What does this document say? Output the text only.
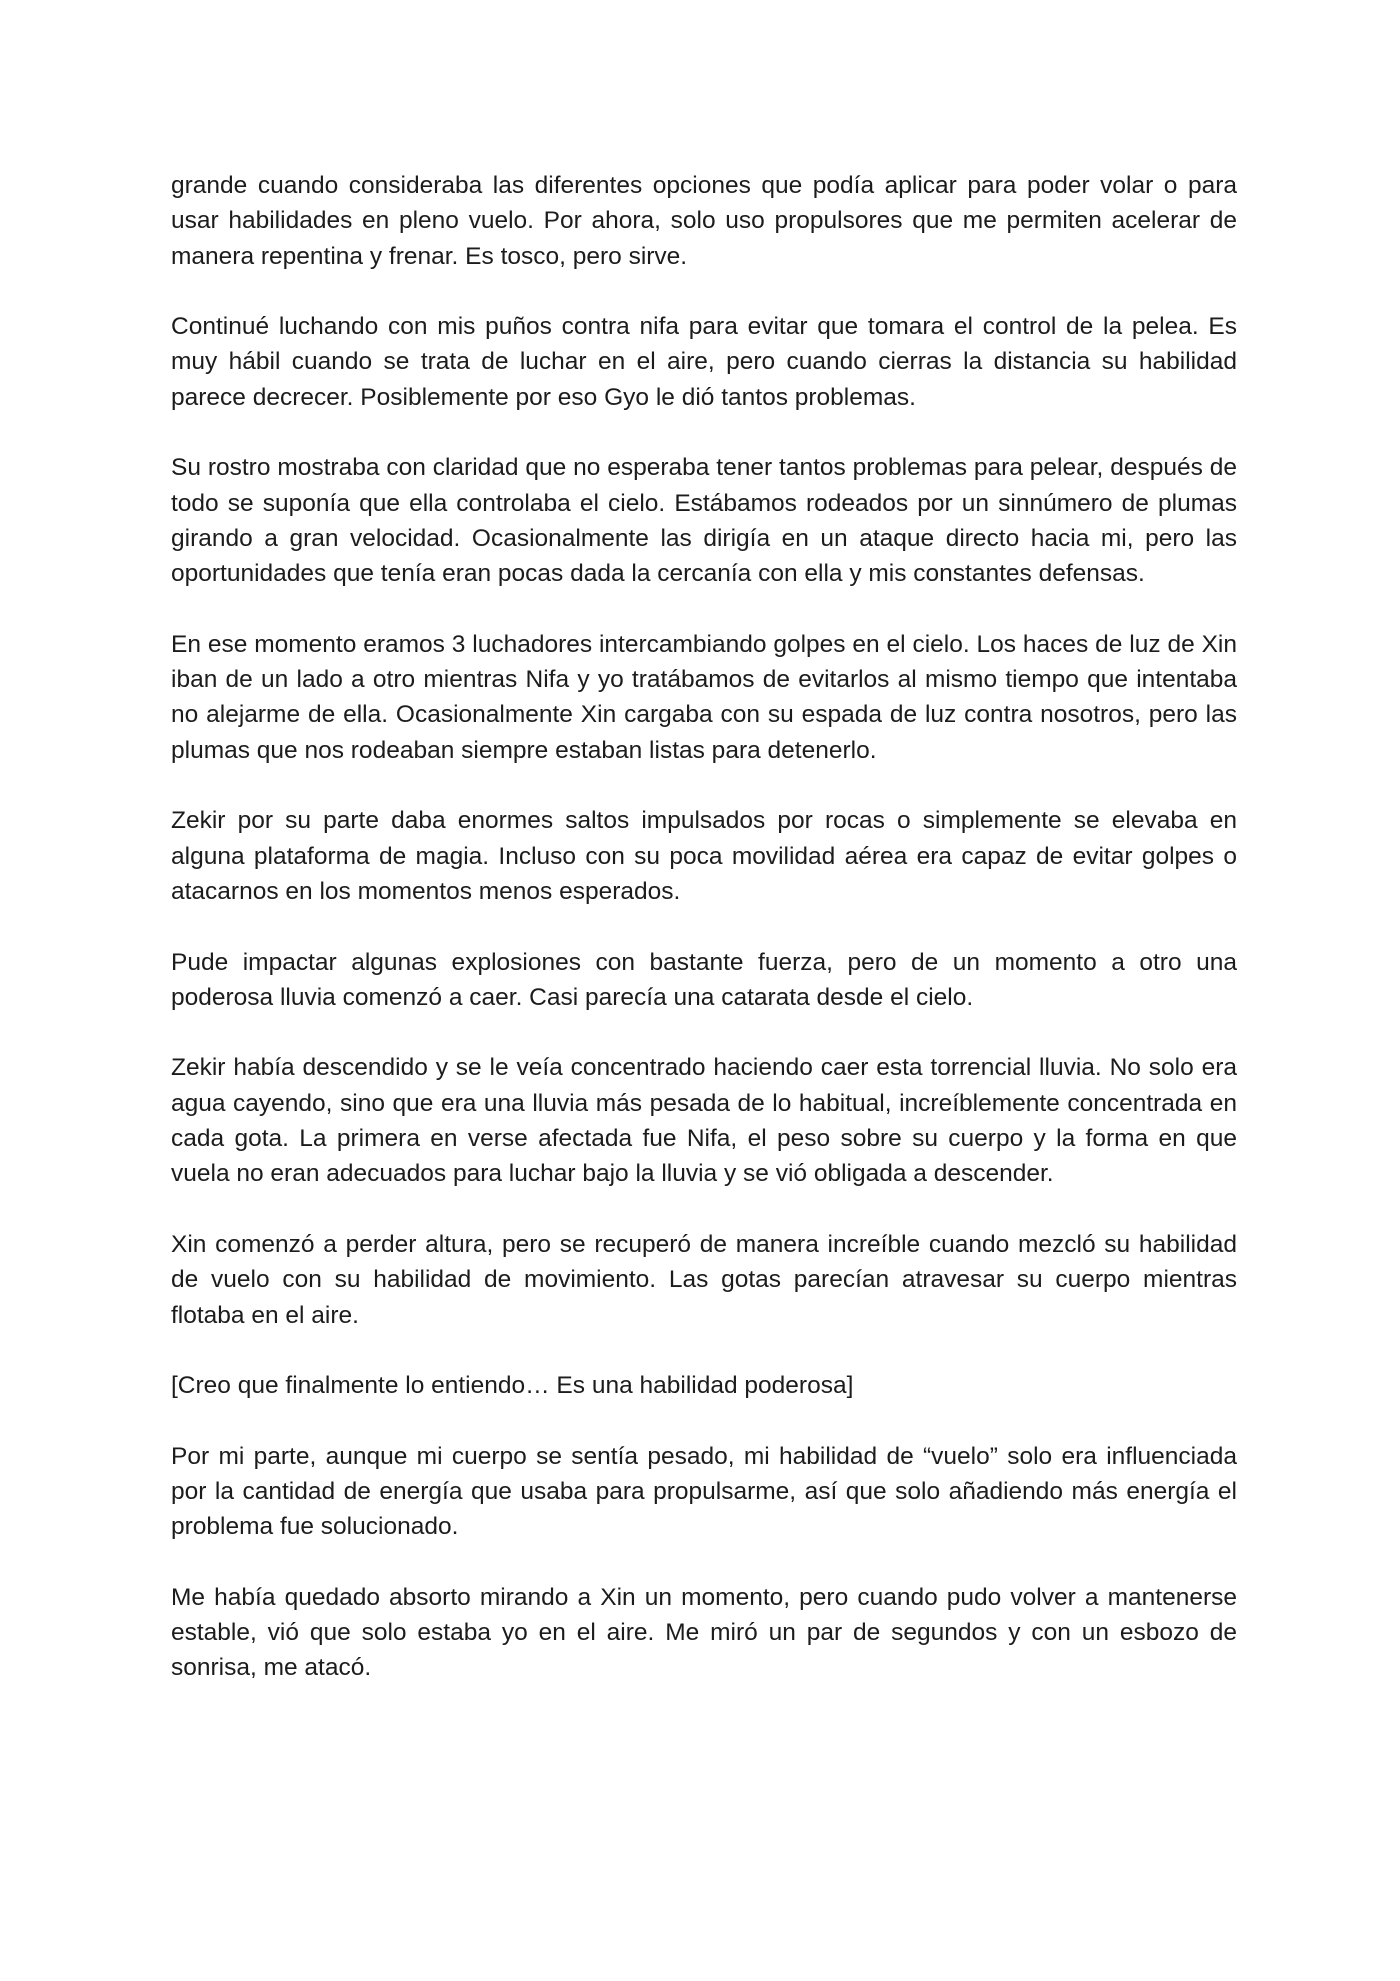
grande cuando consideraba las diferentes opciones que podía aplicar para poder volar o para usar habilidades en pleno vuelo. Por ahora, solo uso propulsores que me permiten acelerar de manera repentina y frenar. Es tosco, pero sirve.

Continué luchando con mis puños contra nifa para evitar que tomara el control de la pelea. Es muy hábil cuando se trata de luchar en el aire, pero cuando cierras la distancia su habilidad parece decrecer. Posiblemente por eso Gyo le dió tantos problemas.

Su rostro mostraba con claridad que no esperaba tener tantos problemas para pelear, después de todo se suponía que ella controlaba el cielo. Estábamos rodeados por un sinnúmero de plumas girando a gran velocidad. Ocasionalmente las dirigía en un ataque directo hacia mi, pero las oportunidades que tenía eran pocas dada la cercanía con ella y mis constantes defensas.

En ese momento eramos 3 luchadores intercambiando golpes en el cielo. Los haces de luz de Xin iban de un lado a otro mientras Nifa y yo tratábamos de evitarlos al mismo tiempo que intentaba no alejarme de ella. Ocasionalmente Xin cargaba con su espada de luz contra nosotros, pero las plumas que nos rodeaban siempre estaban listas para detenerlo.

Zekir por su parte daba enormes saltos impulsados por rocas o simplemente se elevaba en alguna plataforma de magia. Incluso con su poca movilidad aérea era capaz de evitar golpes o atacarnos en los momentos menos esperados.

Pude impactar algunas explosiones con bastante fuerza, pero de un momento a otro una poderosa lluvia comenzó a caer. Casi parecía una catarata desde el cielo.

Zekir había descendido y se le veía concentrado haciendo caer esta torrencial lluvia. No solo era agua cayendo, sino que era una lluvia más pesada de lo habitual, increíblemente concentrada en cada gota. La primera en verse afectada fue Nifa, el peso sobre su cuerpo y la forma en que vuela no eran adecuados para luchar bajo la lluvia y se vió obligada a descender.

Xin comenzó a perder altura, pero se recuperó de manera increíble cuando mezcló su habilidad de vuelo con su habilidad de movimiento. Las gotas parecían atravesar su cuerpo mientras flotaba en el aire.

[Creo que finalmente lo entiendo… Es una habilidad poderosa]

Por mi parte, aunque mi cuerpo se sentía pesado, mi habilidad de “vuelo” solo era influenciada por la cantidad de energía que usaba para propulsarme, así que solo añadiendo más energía el problema fue solucionado.

Me había quedado absorto mirando a Xin un momento, pero cuando pudo volver a mantenerse estable, vió que solo estaba yo en el aire. Me miró un par de segundos y con un esbozo de sonrisa, me atacó.
